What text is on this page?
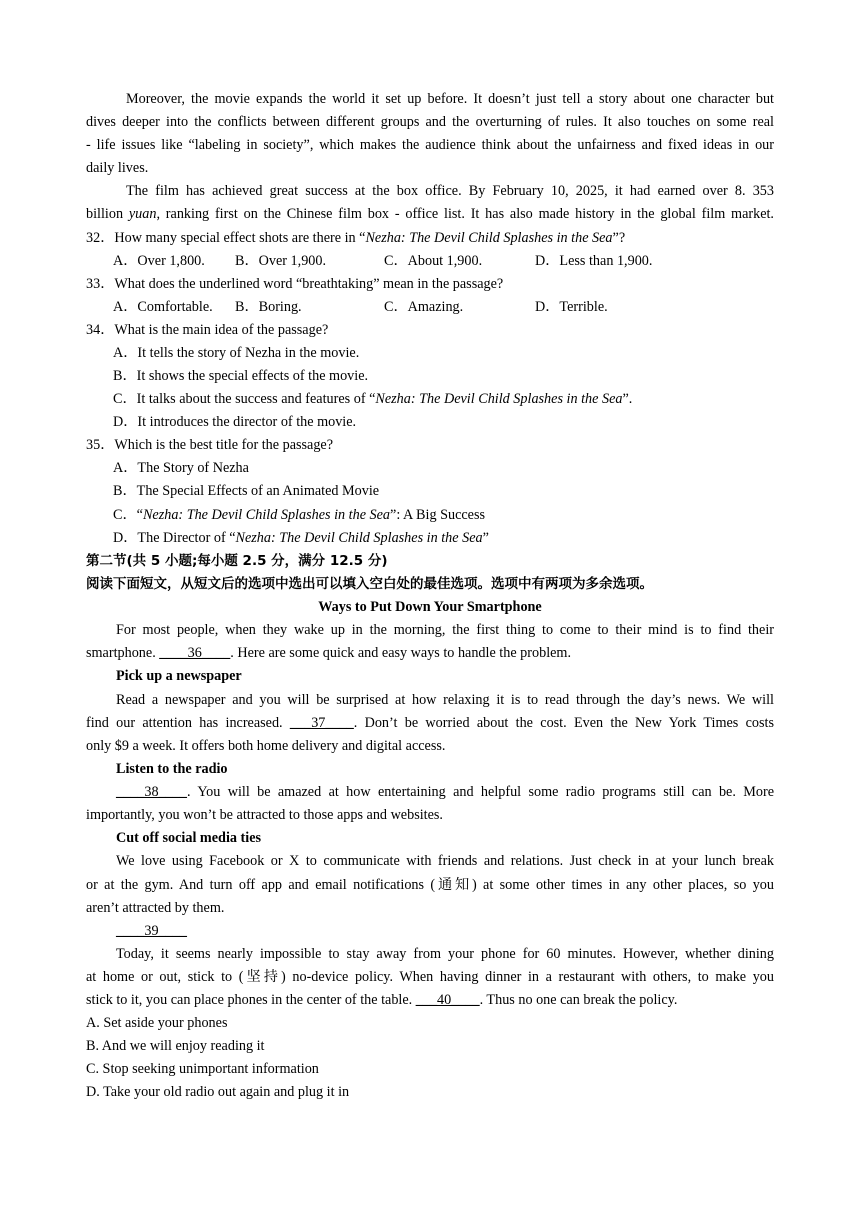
Moreover, the movie expands the world it set up before. It doesn’t just tell a story about one character but
dives deeper into the conflicts between different groups and the overturning of rules. It also touches on some real
- life issues like “labeling in society”, which makes the audience think about the unfairness and fixed ideas in our
daily lives.
The film has achieved great success at the box office. By February 10, 2025, it had earned over 8. 353
billion yuan, ranking first on the Chinese film box - office list. It has also made history in the global film market.
32．How many special effect shots are there in “Nezha: The Devil Child Splashes in the Sea”?
A．Over 1,800. B．Over 1,900.	C．About 1,900.	D．Less than 1,900.
33．What does the underlined word “breathtaking” mean in the passage?
A．Comfortable. B．Boring.	C．Amazing.	D．Terrible.
34．What is the main idea of the passage?
A．It tells the story of Nezha in the movie.
B．It shows the special effects of the movie.
C．It talks about the success and features of “Nezha: The Devil Child Splashes in the Sea”.
D．It introduces the director of the movie.
35．Which is the best title for the passage?
A．The Story of Nezha
B．The Special Effects of an Animated Movie
C．“Nezha: The Devil Child Splashes in the Sea”: A Big Success
D．The Director of “Nezha: The Devil Child Splashes in the Sea”
第二节(共 5 小题;每小题 2.5 分，满分 12.5 分)
阅读下面短文，从短文后的选项中选出可以填入空白处的最佳选项。选项中有两项为多余选项。
Ways to Put Down Your Smartphone
For most people, when they wake up in the morning, the first thing to come to their mind is to find their
smartphone. ____36____. Here are some quick and easy ways to handle the problem.
Pick up a newspaper
Read a newspaper and you will be surprised at how relaxing it is to read through the day’s news. We will
find our attention has increased. ___37____. Don’t be worried about the cost. Even the New York Times costs
only $9 a week. It offers both home delivery and digital access.
Listen to the radio
____38____. You will be amazed at how entertaining and helpful some radio programs still can be. More
importantly, you won’t be attracted to those apps and websites.
Cut off social media ties
We love using Facebook or X to communicate with friends and relations. Just check in at your lunch break
or at the gym. And turn off app and email notifications (通知) at some other times in any other places, so you
aren’t attracted by them.
____39____
Today, it seems nearly impossible to stay away from your phone for 60 minutes. However, whether dining
at home or out, stick to (坚持) no-device policy. When having dinner in a restaurant with others, to make you
stick to it, you can place phones in the center of the table. ___40____. Thus no one can break the policy.
A. Set aside your phones
B. And we will enjoy reading it
C. Stop seeking unimportant information
D. Take your old radio out again and plug it in
